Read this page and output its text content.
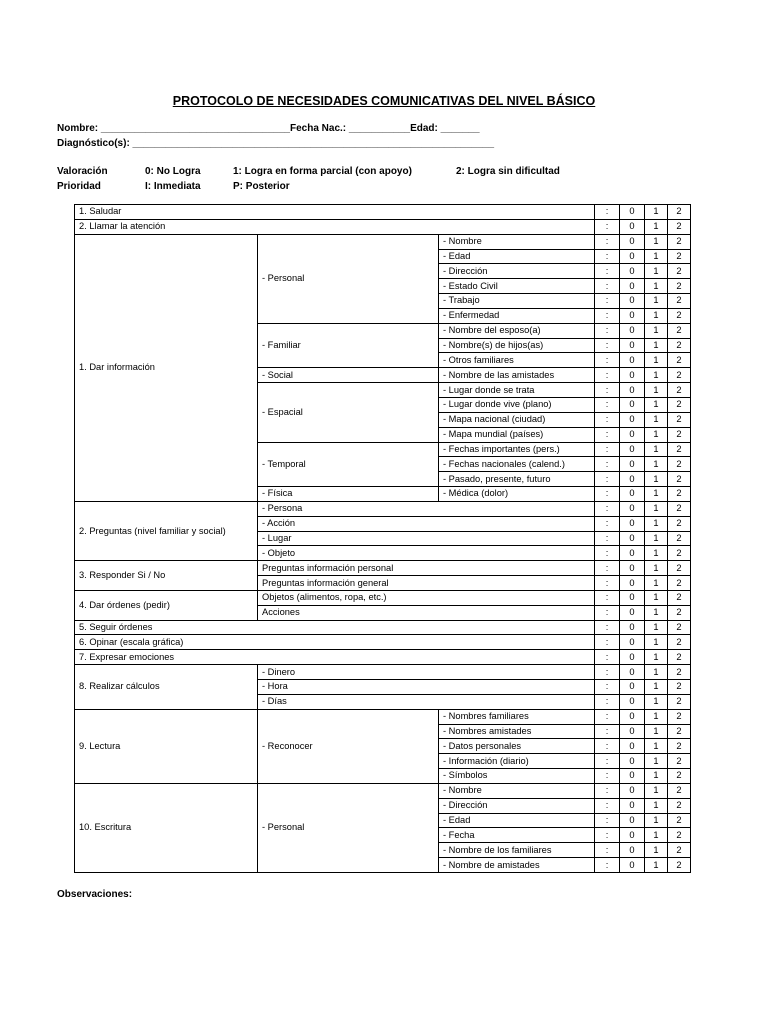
PROTOCOLO DE NECESIDADES COMUNICATIVAS DEL NIVEL BÁSICO
Nombre: __________________________________Fecha Nac.: ___________Edad: _______
Diagnóstico(s): _________________________________________________________________
Valoración	0: No Logra	1: Logra en forma parcial (con apoyo)	2: Logra sin dificultad
Prioridad	I: Inmediata	P: Posterior
1. Saludar			:	0	1	2
2. Llamar la atención			:	0	1	2
1. Dar información	- Personal	- Nombre	:	0	1	2
		- Edad	:	0	1	2
		- Dirección	:	0	1	2
		- Estado Civil	:	0	1	2
		- Trabajo	:	0	1	2
		- Enfermedad	:	0	1	2
	- Familiar	- Nombre del esposo(a)	:	0	1	2
		- Nombre(s) de hijos(as)	:	0	1	2
		- Otros familiares	:	0	1	2
	- Social	- Nombre de las amistades	:	0	1	2
	- Espacial	- Lugar donde se trata	:	0	1	2
		- Lugar donde vive (plano)	:	0	1	2
		- Mapa nacional (ciudad)	:	0	1	2
		- Mapa mundial (países)	:	0	1	2
	- Temporal	- Fechas importantes (pers.)	:	0	1	2
		- Fechas nacionales (calend.)	:	0	1	2
		- Pasado, presente, futuro	:	0	1	2
	- Física	- Médica (dolor)	:	0	1	2
2. Preguntas (nivel familiar y social)	- Persona		:	0	1	2
	- Acción		:	0	1	2
	- Lugar		:	0	1	2
	- Objeto		:	0	1	2
3. Responder Si / No	Preguntas información personal		:	0	1	2
	Preguntas información general		:	0	1	2
4. Dar órdenes (pedir)	Objetos (alimentos, ropa, etc.)		:	0	1	2
	Acciones		:	0	1	2
5. Seguir órdenes			:	0	1	2
6. Opinar (escala gráfica)			:	0	1	2
7. Expresar emociones			:	0	1	2
8. Realizar cálculos	- Dinero		:	0	1	2
	- Hora		:	0	1	2
	- Días		:	0	1	2
9. Lectura	- Reconocer	- Nombres familiares	:	0	1	2
		- Nombres amistades	:	0	1	2
		- Datos personales	:	0	1	2
		- Información (diario)	:	0	1	2
		- Símbolos	:	0	1	2
10. Escritura	- Personal	- Nombre	:	0	1	2
		- Dirección	:	0	1	2
		- Edad	:	0	1	2
		- Fecha	:	0	1	2
		- Nombre de los familiares	:	0	1	2
		- Nombre de amistades	:	0	1	2
Observaciones:
